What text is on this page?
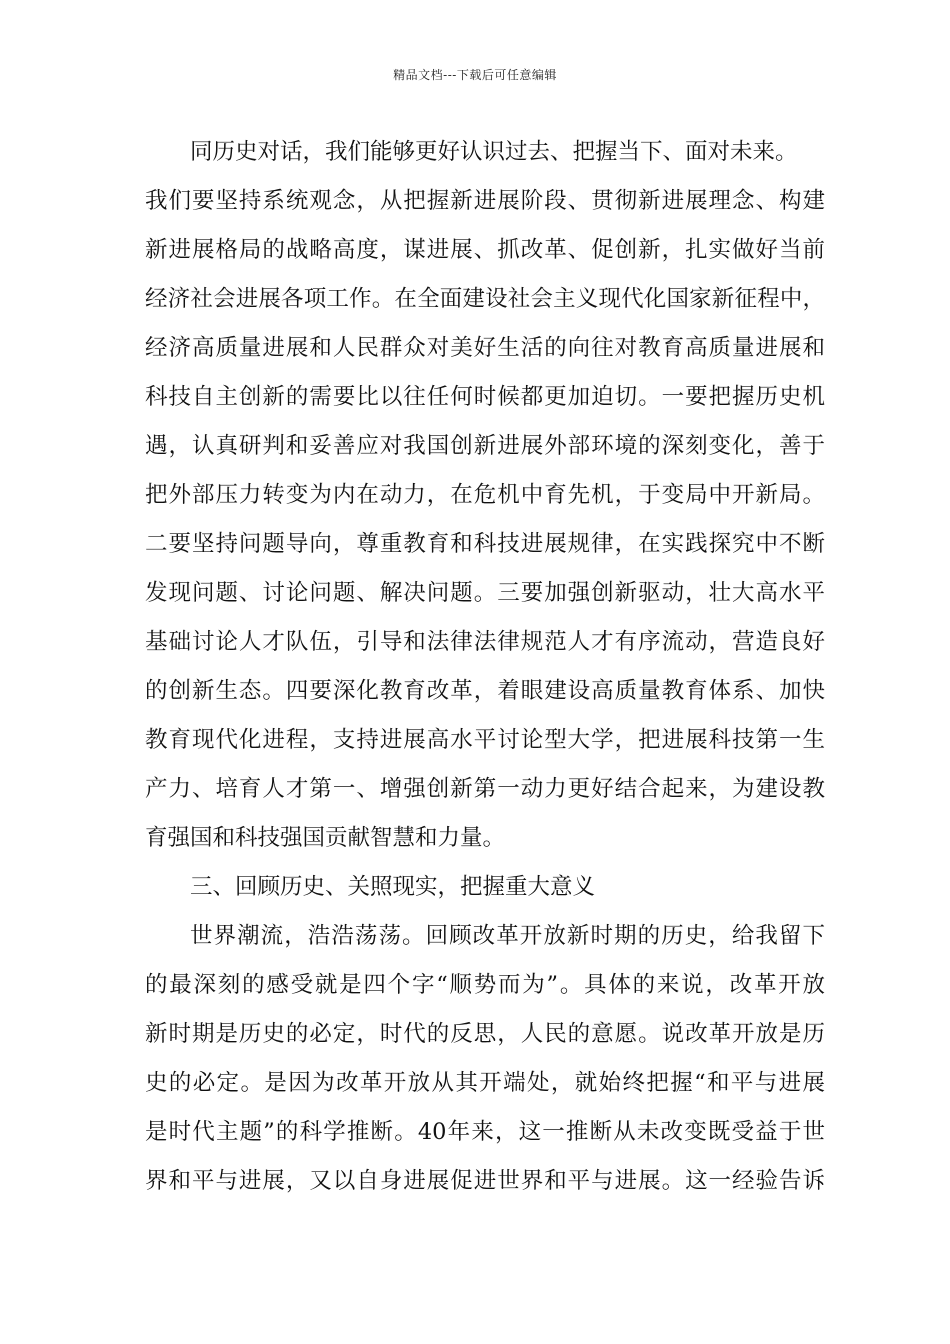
精品文档---下载后可任意编辑
同历史对话，我们能够更好认识过去、把握当下、面对未来。
我们要坚持系统观念，从把握新进展阶段、贯彻新进展理念、构建
新进展格局的战略高度，谋进展、抓改革、促创新，扎实做好当前
经济社会进展各项工作。在全面建设社会主义现代化国家新征程中，
经济高质量进展和人民群众对美好生活的向往对教育高质量进展和
科技自主创新的需要比以往任何时候都更加迫切。一要把握历史机
遇，认真研判和妥善应对我国创新进展外部环境的深刻变化，善于
把外部压力转变为内在动力，在危机中育先机，于变局中开新局。
二要坚持问题导向，尊重教育和科技进展规律，在实践探究中不断
发现问题、讨论问题、解决问题。三要加强创新驱动，壮大高水平
基础讨论人才队伍，引导和法律法律规范人才有序流动，营造良好
的创新生态。四要深化教育改革，着眼建设高质量教育体系、加快
教育现代化进程，支持进展高水平讨论型大学，把进展科技第一生
产力、培育人才第一、增强创新第一动力更好结合起来，为建设教
育强国和科技强国贡献智慧和力量。
三、回顾历史、关照现实，把握重大意义
世界潮流，浩浩荡荡。回顾改革开放新时期的历史，给我留下
的最深刻的感受就是四个字“顺势而为”。具体的来说，改革开放
新时期是历史的必定，时代的反思，人民的意愿。说改革开放是历
史的必定。是因为改革开放从其开端处，就始终把握“和平与进展
是时代主题”的科学推断。40年来，这一推断从未改变既受益于世
界和平与进展，又以自身进展促进世界和平与进展。这一经验告诉
